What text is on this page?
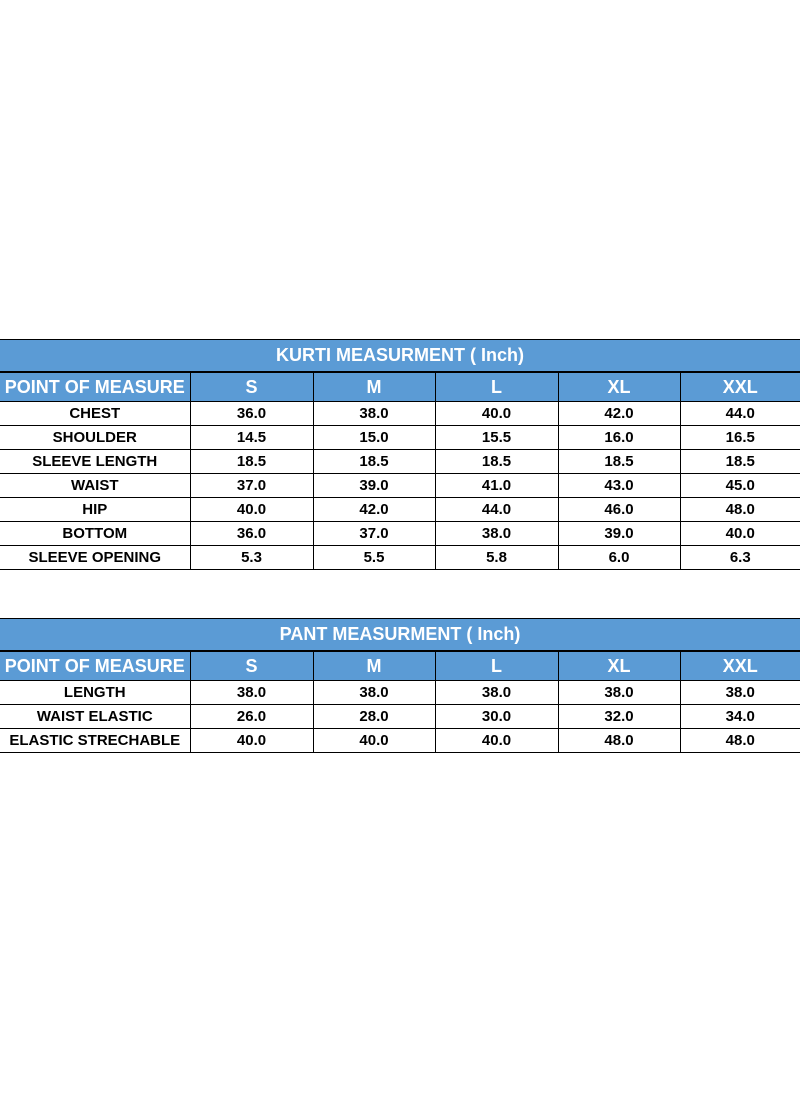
KURTI MEASURMENT ( Inch)					
POINT OF MEASURE	S	M	L	XL	XXL
CHEST	36.0	38.0	40.0	42.0	44.0
SHOULDER	14.5	15.0	15.5	16.0	16.5
SLEEVE LENGTH	18.5	18.5	18.5	18.5	18.5
WAIST	37.0	39.0	41.0	43.0	45.0
HIP	40.0	42.0	44.0	46.0	48.0
BOTTOM	36.0	37.0	38.0	39.0	40.0
SLEEVE OPENING	5.3	5.5	5.8	6.0	6.3
PANT MEASURMENT ( Inch)					
POINT OF MEASURE	S	M	L	XL	XXL
LENGTH	38.0	38.0	38.0	38.0	38.0
WAIST ELASTIC	26.0	28.0	30.0	32.0	34.0
ELASTIC STRECHABLE	40.0	40.0	40.0	48.0	48.0
